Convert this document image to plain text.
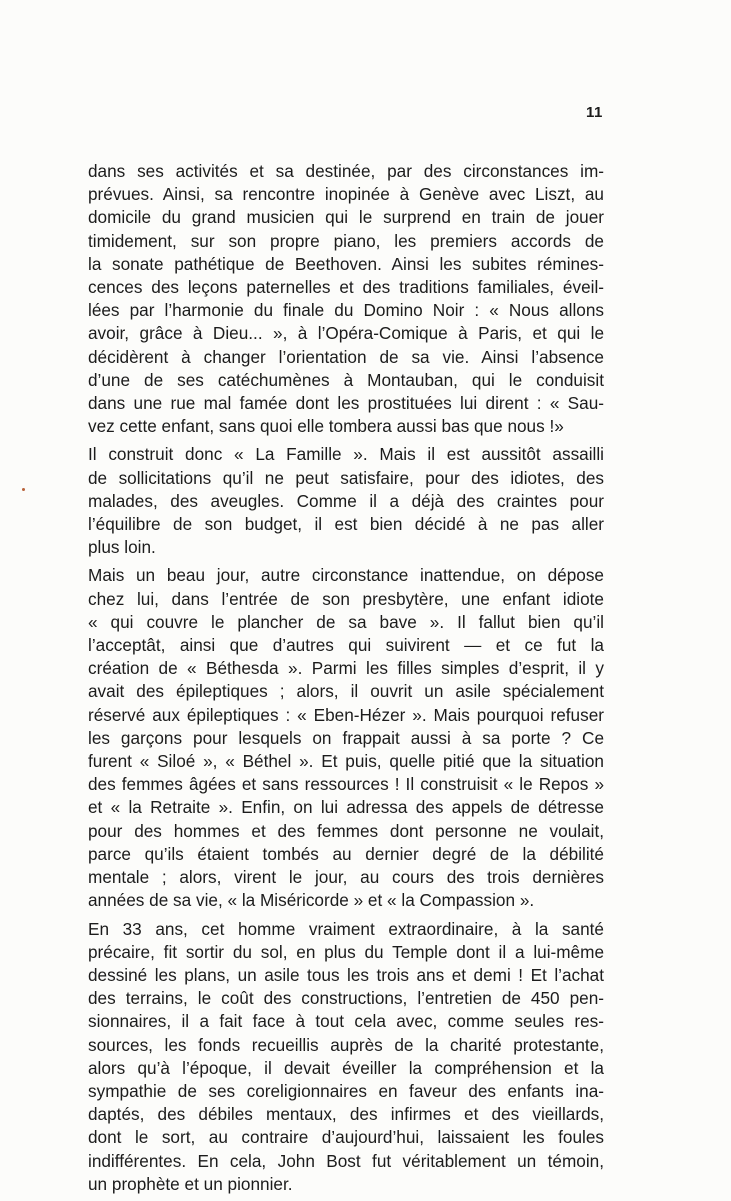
11
dans ses activités et sa destinée, par des circonstances im-
prévues. Ainsi, sa rencontre inopinée à Genève avec Liszt, au
domicile du grand musicien qui le surprend en train de jouer
timidement, sur son propre piano, les premiers accords de
la sonate pathétique de Beethoven. Ainsi les subites rémines-
cences des leçons paternelles et des traditions familiales, éveil-
lées par l’harmonie du finale du Domino Noir : « Nous allons
avoir, grâce à Dieu... », à l’Opéra-Comique à Paris, et qui le
décidèrent à changer l’orientation de sa vie. Ainsi l’absence
d’une de ses catéchumènes à Montauban, qui le conduisit
dans une rue mal famée dont les prostituées lui dirent : « Sau-
vez cette enfant, sans quoi elle tombera aussi bas que nous !»
Il construit donc « La Famille ». Mais il est aussitôt assailli
de sollicitations qu’il ne peut satisfaire, pour des idiotes, des
malades, des aveugles. Comme il a déjà des craintes pour
l’équilibre de son budget, il est bien décidé à ne pas aller
plus loin.
Mais un beau jour, autre circonstance inattendue, on dépose
chez lui, dans l’entrée de son presbytère, une enfant idiote
« qui couvre le plancher de sa bave ». Il fallut bien qu’il
l’acceptât, ainsi que d’autres qui suivirent — et ce fut la
création de « Béthesda ». Parmi les filles simples d’esprit, il y
avait des épileptiques ; alors, il ouvrit un asile spécialement
réservé aux épileptiques : « Eben-Hézer ». Mais pourquoi refuser
les garçons pour lesquels on frappait aussi à sa porte ? Ce
furent « Siloé », « Béthel ». Et puis, quelle pitié que la situation
des femmes âgées et sans ressources ! Il construisit « le Repos »
et « la Retraite ». Enfin, on lui adressa des appels de détresse
pour des hommes et des femmes dont personne ne voulait,
parce qu’ils étaient tombés au dernier degré de la débilité
mentale ; alors, virent le jour, au cours des trois dernières
années de sa vie, « la Miséricorde » et « la Compassion ».
En 33 ans, cet homme vraiment extraordinaire, à la santé
précaire, fit sortir du sol, en plus du Temple dont il a lui-même
dessiné les plans, un asile tous les trois ans et demi ! Et l’achat
des terrains, le coût des constructions, l’entretien de 450 pen-
sionnaires, il a fait face à tout cela avec, comme seules res-
sources, les fonds recueillis auprès de la charité protestante,
alors qu’à l’époque, il devait éveiller la compréhension et la
sympathie de ses coreligionnaires en faveur des enfants ina-
daptés, des débiles mentaux, des infirmes et des vieillards,
dont le sort, au contraire d’aujourd’hui, laissaient les foules
indifférentes. En cela, John Bost fut véritablement un témoin,
un prophète et un pionnier.
